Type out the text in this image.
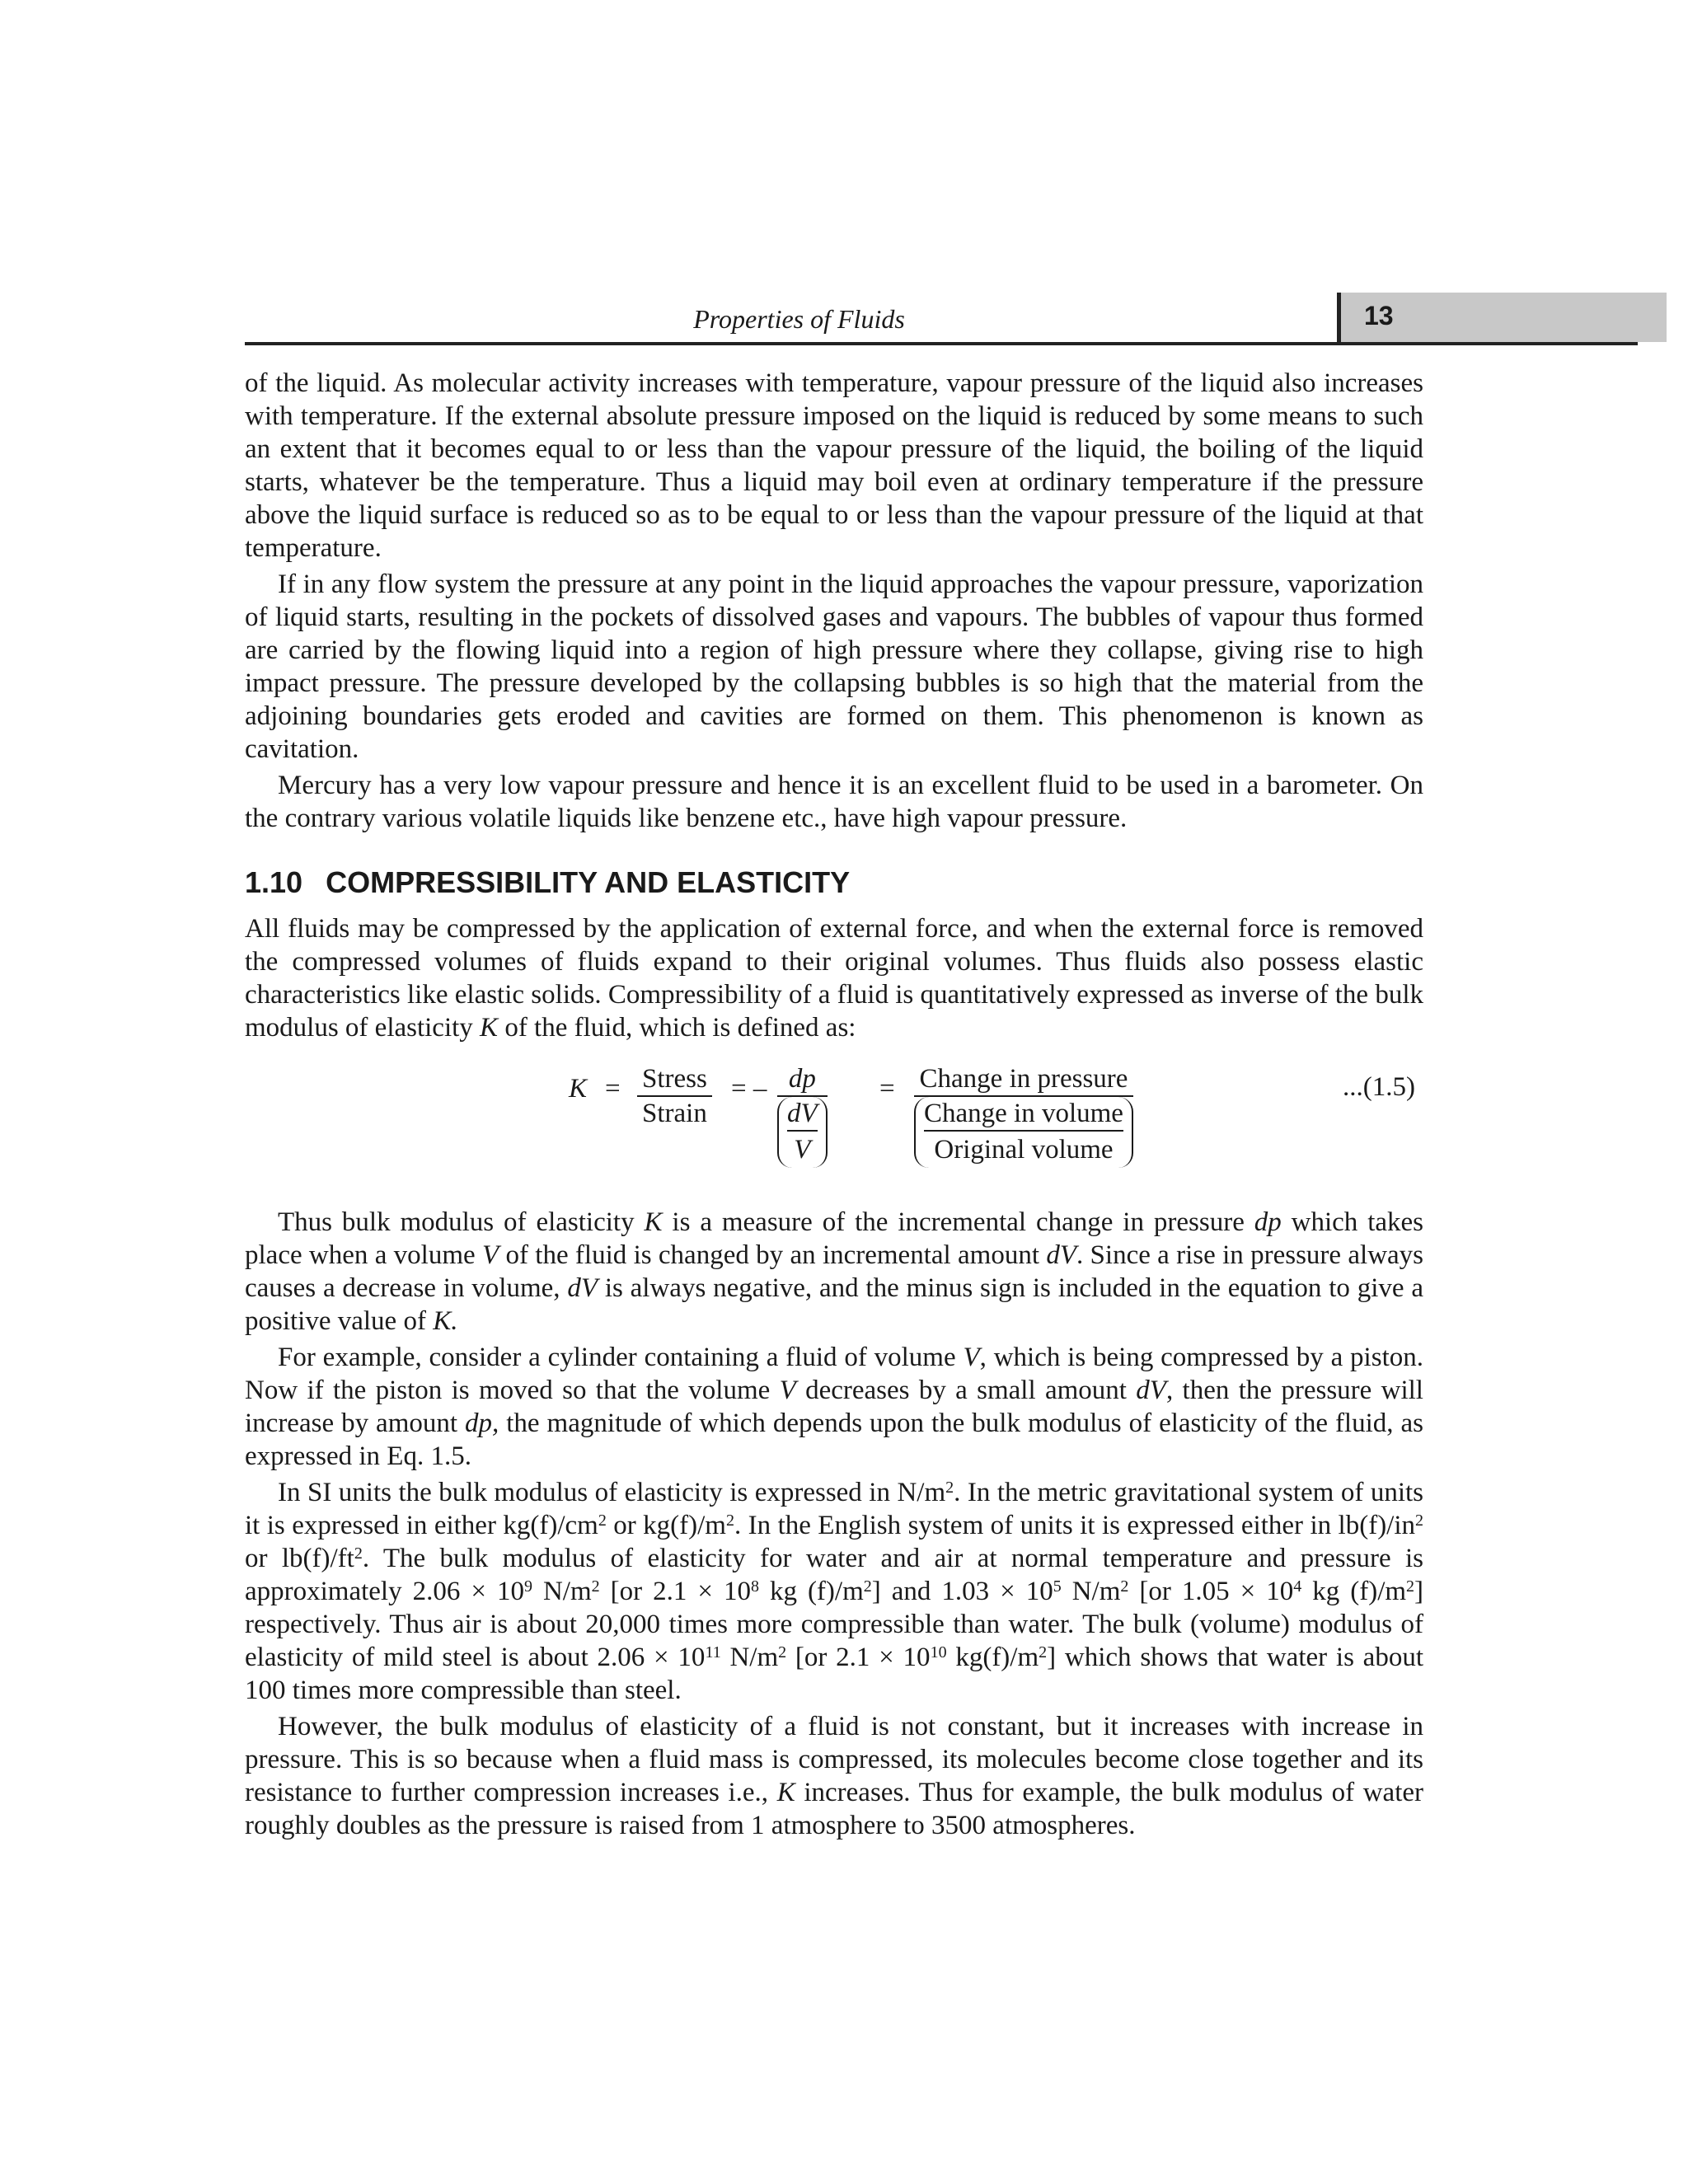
Properties of Fluids	13

of the liquid. As molecular activity increases with temperature, vapour pressure of the liquid also increases with temperature. If the external absolute pressure imposed on the liquid is reduced by some means to such an extent that it becomes equal to or less than the vapour pressure of the liquid, the boiling of the liquid starts, whatever be the temperature. Thus a liquid may boil even at ordinary temperature if the pressure above the liquid surface is reduced so as to be equal to or less than the vapour pressure of the liquid at that temperature.

If in any flow system the pressure at any point in the liquid approaches the vapour pressure, vaporization of liquid starts, resulting in the pockets of dissolved gases and vapours. The bubbles of vapour thus formed are carried by the flowing liquid into a region of high pressure where they collapse, giving rise to high impact pressure. The pressure developed by the collapsing bubbles is so high that the material from the adjoining boundaries gets eroded and cavities are formed on them. This phenomenon is known as cavitation.

Mercury has a very low vapour pressure and hence it is an excellent fluid to be used in a barometer. On the contrary various volatile liquids like benzene etc., have high vapour pressure.

1.10 COMPRESSIBILITY AND ELASTICITY

All fluids may be compressed by the application of external force, and when the external force is removed the compressed volumes of fluids expand to their original volumes. Thus fluids also possess elastic characteristics like elastic solids. Compressibility of a fluid is quantitatively expressed as inverse of the bulk modulus of elasticity K of the fluid, which is defined as:

K = Stress
Strain
= – $\frac{dp}{\frac{dV}{V}}$ = Change in pressure
$\frac{\text{Change in volume}}{\text{Original volume}}$
...(1.5)

Thus bulk modulus of elasticity K is a measure of the incremental change in pressure dp which takes place when a volume V of the fluid is changed by an incremental amount dV. Since a rise in pressure always causes a decrease in volume, dV is always negative, and the minus sign is included in the equation to give a positive value of K.

For example, consider a cylinder containing a fluid of volume V, which is being compressed by a piston. Now if the piston is moved so that the volume V decreases by a small amount dV, then the pressure will increase by amount dp, the magnitude of which depends upon the bulk modulus of elasticity of the fluid, as expressed in Eq. 1.5.

In SI units the bulk modulus of elasticity is expressed in $N/m^2$. In the metric gravitational system of units it is expressed in either $kg(f)/cm^2$ or $kg(f)/m^2$. In the English system of units it is expressed either in $lb(f)/in^2$ or $lb(f)/ft^2$. The bulk modulus of elasticity for water and air at normal temperature and pressure is approximately $2.06 \times 10^9$ $N/m^2$ [or $2.1 \times 10^8$ kg $(f)/m^2$] and $1.03 \times 10^5$ $N/m^2$ [or $1.05 \times 10^4$ kg $(f)/m^2$] respectively. Thus air is about 20,000 times more compressible than water. The bulk (volume) modulus of elasticity of mild steel is about $2.06 \times 10^{11}$ $N/m^2$ [or $2.1 \times 10^{10}$ $kg(f)/m^2$] which shows that water is about 100 times more compressible than steel.

However, the bulk modulus of elasticity of a fluid is not constant, but it increases with increase in pressure. This is so because when a fluid mass is compressed, its molecules become close together and its resistance to further compression increases i.e., K increases. Thus for example, the bulk modulus of water roughly doubles as the pressure is raised from 1 atmosphere to 3500 atmospheres.
